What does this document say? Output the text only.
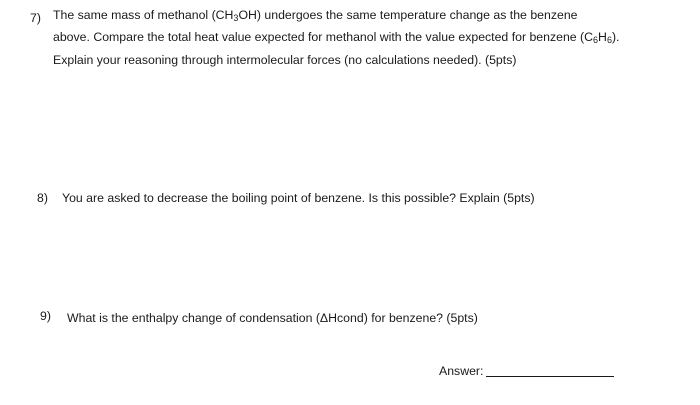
7) The same mass of methanol $(CH_3OH)$ undergoes the same temperature change as the benzene
above. Compare the total heat value expected for methanol with the value expected for benzene $(C_6H_6)$.
Explain your reasoning through intermolecular forces (no calculations needed). (5pts)
8) You are asked to decrease the boiling point of benzene. Is this possible? Explain (5pts)
9) What is the enthalpy change of condensation (ΔHcond) for benzene? (5pts)
Answer:
